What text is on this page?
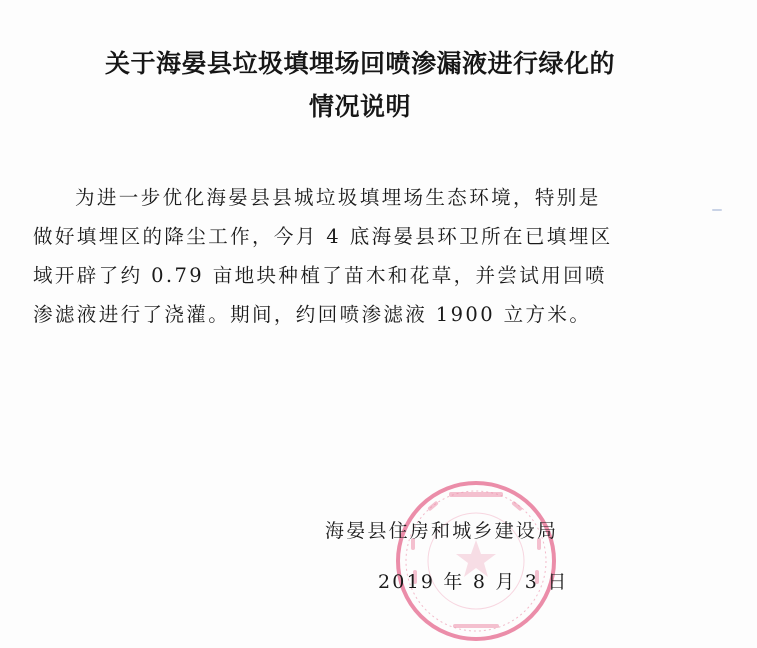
关于海晏县垃圾填埋场回喷渗漏液进行绿化的
情况说明
为进一步优化海晏县县城垃圾填埋场生态环境，特别是
做好填埋区的降尘工作，今月 4 底海晏县环卫所在已填埋区
域开辟了约 0.79 亩地块种植了苗木和花草，并尝试用回喷
渗滤液进行了浇灌。期间，约回喷渗滤液 1900 立方米。
海晏县住房和城乡建设局
2019 年 8 月 3 日
